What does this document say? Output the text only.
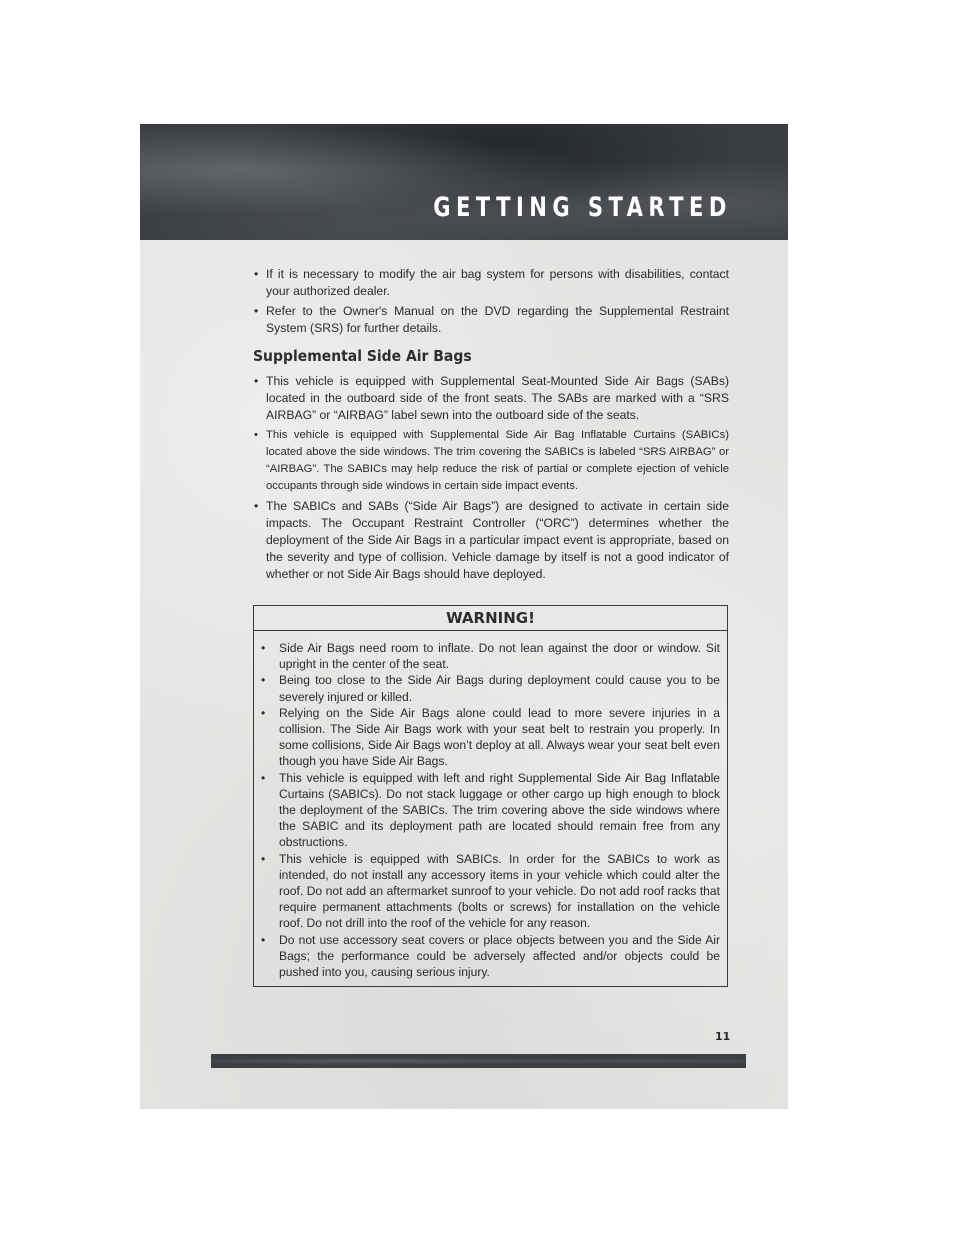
GETTING STARTED
• If it is necessary to modify the air bag system for persons with disabilities, contact your authorized dealer.
• Refer to the Owner's Manual on the DVD regarding the Supplemental Restraint System (SRS) for further details.
Supplemental Side Air Bags
• This vehicle is equipped with Supplemental Seat-Mounted Side Air Bags (SABs) located in the outboard side of the front seats. The SABs are marked with a “SRS AIRBAG” or “AIRBAG” label sewn into the outboard side of the seats.
• This vehicle is equipped with Supplemental Side Air Bag Inflatable Curtains (SABICs) located above the side windows. The trim covering the SABICs is labeled “SRS AIRBAG” or “AIRBAG”. The SABICs may help reduce the risk of partial or complete ejection of vehicle occupants through side windows in certain side impact events.
• The SABICs and SABs (“Side Air Bags”) are designed to activate in certain side impacts. The Occupant Restraint Controller (“ORC”) determines whether the deployment of the Side Air Bags in a particular impact event is appropriate, based on the severity and type of collision. Vehicle damage by itself is not a good indicator of whether or not Side Air Bags should have deployed.
WARNING!
• Side Air Bags need room to inflate. Do not lean against the door or window. Sit upright in the center of the seat.
• Being too close to the Side Air Bags during deployment could cause you to be severely injured or killed.
• Relying on the Side Air Bags alone could lead to more severe injuries in a collision. The Side Air Bags work with your seat belt to restrain you properly. In some collisions, Side Air Bags won’t deploy at all. Always wear your seat belt even though you have Side Air Bags.
• This vehicle is equipped with left and right Supplemental Side Air Bag Inflatable Curtains (SABICs). Do not stack luggage or other cargo up high enough to block the deployment of the SABICs. The trim covering above the side windows where the SABIC and its deployment path are located should remain free from any obstructions.
• This vehicle is equipped with SABICs. In order for the SABICs to work as intended, do not install any accessory items in your vehicle which could alter the roof. Do not add an aftermarket sunroof to your vehicle. Do not add roof racks that require permanent attachments (bolts or screws) for installation on the vehicle roof. Do not drill into the roof of the vehicle for any reason.
• Do not use accessory seat covers or place objects between you and the Side Air Bags; the performance could be adversely affected and/or objects could be pushed into you, causing serious injury.
11
